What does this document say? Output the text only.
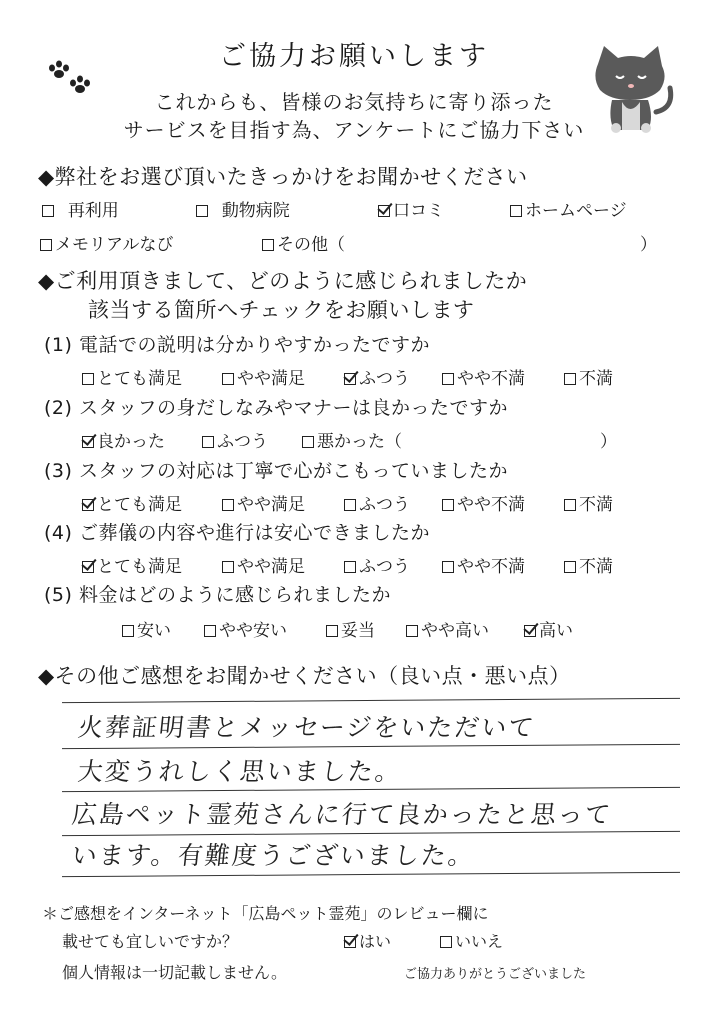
ご協力お願いします
これからも、皆様のお気持ちに寄り添った
サービスを目指す為、アンケートにご協力下さい
◆弊社をお選び頂いたきっかけをお聞かせください
再利用	動物病院	口コミ	ホームページ
メモリアルなび	その他（	）
◆ご利用頂きまして、どのように感じられましたか
該当する箇所へチェックをお願いします
(1) 電話での説明は分かりやすかったですか
とても満足	やや満足	ふつう	やや不満	不満
(2) スタッフの身だしなみやマナーは良かったですか
良かった	ふつう	悪かった（	）
(3) スタッフの対応は丁寧で心がこもっていましたか
とても満足	やや満足	ふつう	やや不満	不満
(4) ご葬儀の内容や進行は安心できましたか
とても満足	やや満足	ふつう	やや不満	不満
(5) 料金はどのように感じられましたか
安い	やや安い	妥当	やや高い	高い
◆その他ご感想をお聞かせください（良い点・悪い点）
火葬証明書とメッセージをいただいて
大変うれしく思いました。
広島ペット霊苑さんに行て良かったと思って
います。有難度うございました。
＊ご感想をインターネット「広島ペット霊苑」のレビュー欄に
載せても宜しいですか？	はい	いいえ
個人情報は一切記載しません。	ご協力ありがとうございました
